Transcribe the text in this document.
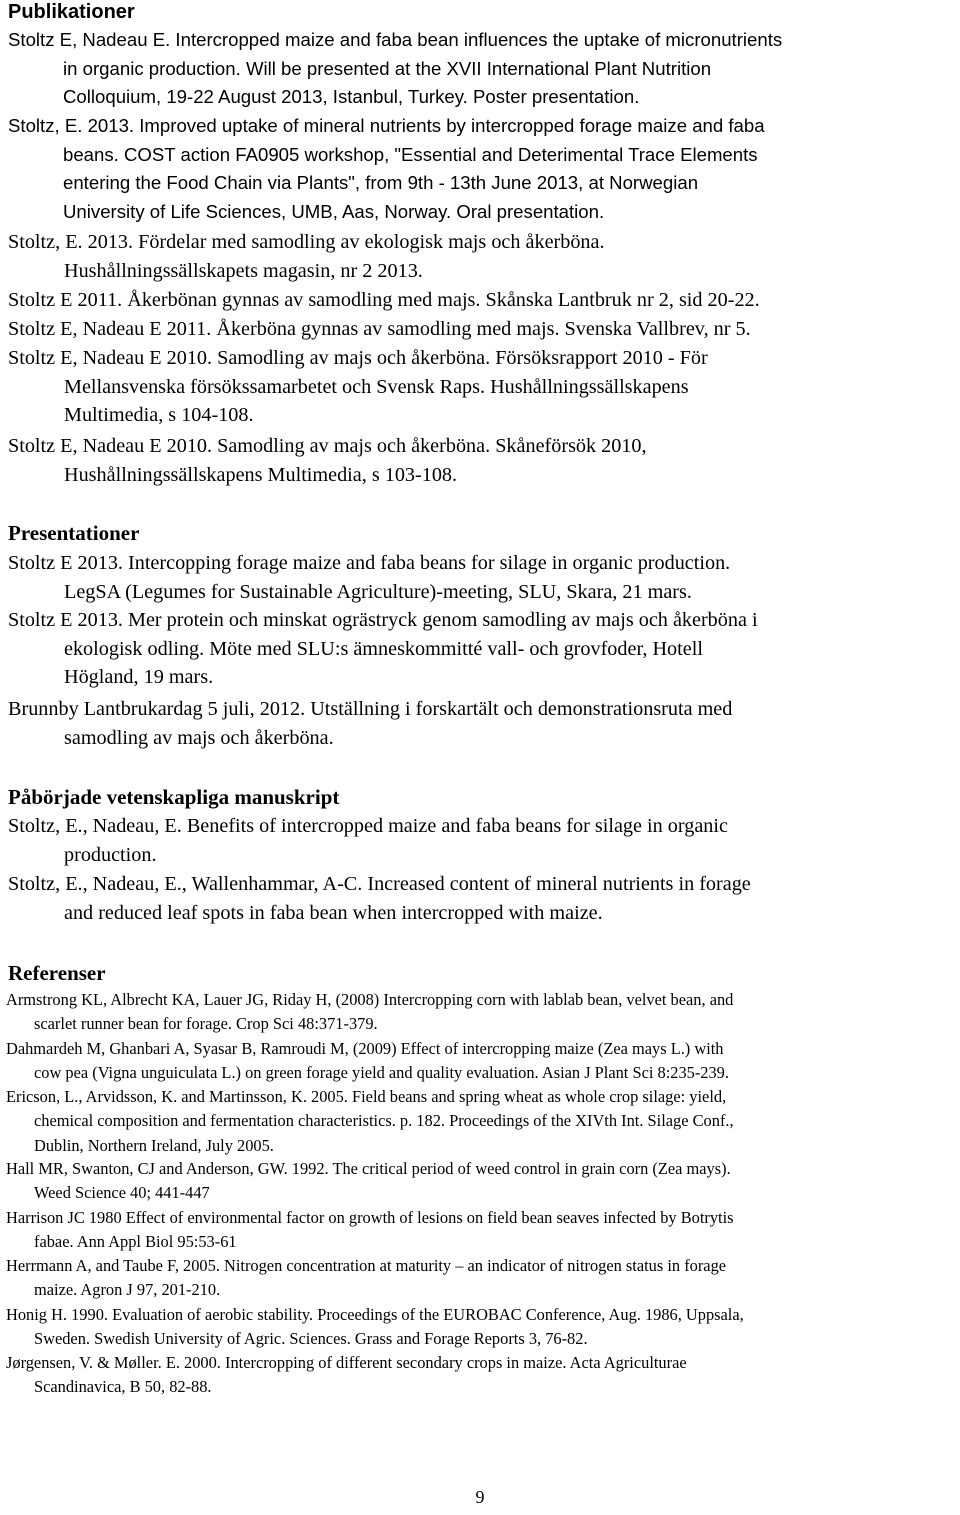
Publikationer

Stoltz E, Nadeau E. Intercropped maize and faba bean influences the uptake of micronutrients
in organic production. Will be presented at the XVII International Plant Nutrition
Colloquium, 19-22 August 2013, Istanbul, Turkey. Poster presentation.

Stoltz, E. 2013. Improved uptake of mineral nutrients by intercropped forage maize and faba
beans. COST action FA0905 workshop, "Essential and Deterimental Trace Elements
entering the Food Chain via Plants", from 9th - 13th June 2013, at Norwegian
University of Life Sciences, UMB, Aas, Norway. Oral presentation.

Stoltz, E. 2013. Fördelar med samodling av ekologisk majs och åkerböna.
Hushållningssällskapets magasin, nr 2 2013.

Stoltz E 2011. Åkerbönan gynnas av samodling med majs. Skånska Lantbruk nr 2, sid 20-22.

Stoltz E, Nadeau E 2011. Åkerböna gynnas av samodling med majs. Svenska Vallbrev, nr 5.

Stoltz E, Nadeau E 2010. Samodling av majs och åkerböna. Försöksrapport 2010 - För
Mellansvenska försökssamarbetet och Svensk Raps. Hushållningssällskapens
Multimedia, s 104-108.

Stoltz E, Nadeau E 2010. Samodling av majs och åkerböna. Skåneförsök 2010,
Hushållningssällskapens Multimedia, s 103-108.

Presentationer

Stoltz E 2013. Intercopping forage maize and faba beans for silage in organic production.
LegSA (Legumes for Sustainable Agriculture)-meeting, SLU, Skara, 21 mars.

Stoltz E 2013. Mer protein och minskat ogrästryck genom samodling av majs och åkerböna i
ekologisk odling. Möte med SLU:s ämneskommitté vall- och grovfoder, Hotell
Högland, 19 mars.

Brunnby Lantbrukardag 5 juli, 2012. Utställning i forskartält och demonstrationsruta med
samodling av majs och åkerböna.

Påbörjade vetenskapliga manuskript

Stoltz, E., Nadeau, E. Benefits of intercropped maize and faba beans for silage in organic
production.

Stoltz, E., Nadeau, E., Wallenhammar, A-C. Increased content of mineral nutrients in forage
and reduced leaf spots in faba bean when intercropped with maize.

Referenser

Armstrong KL, Albrecht KA, Lauer JG, Riday H, (2008) Intercropping corn with lablab bean, velvet bean, and
scarlet runner bean for forage. Crop Sci 48:371-379.

Dahmardeh M, Ghanbari A, Syasar B, Ramroudi M, (2009) Effect of intercropping maize (Zea mays L.) with
cow pea (Vigna unguiculata L.) on green forage yield and quality evaluation. Asian J Plant Sci 8:235-239.

Ericson, L., Arvidsson, K. and Martinsson, K. 2005. Field beans and spring wheat as whole crop silage: yield,
chemical composition and fermentation characteristics. p. 182. Proceedings of the XIVth Int. Silage Conf.,
Dublin, Northern Ireland, July 2005.

Hall MR, Swanton, CJ and Anderson, GW. 1992. The critical period of weed control in grain corn (Zea mays).
Weed Science 40; 441-447

Harrison JC 1980 Effect of environmental factor on growth of lesions on field bean seaves infected by Botrytis
fabae. Ann Appl Biol 95:53-61

Herrmann A, and Taube F, 2005. Nitrogen concentration at maturity – an indicator of nitrogen status in forage
maize. Agron J 97, 201-210.

Honig H. 1990. Evaluation of aerobic stability. Proceedings of the EUROBAC Conference, Aug. 1986, Uppsala,
Sweden. Swedish University of Agric. Sciences. Grass and Forage Reports 3, 76-82.

Jørgensen, V. & Møller. E. 2000. Intercropping of different secondary crops in maize. Acta Agriculturae
Scandinavica, B 50, 82-88.

9
